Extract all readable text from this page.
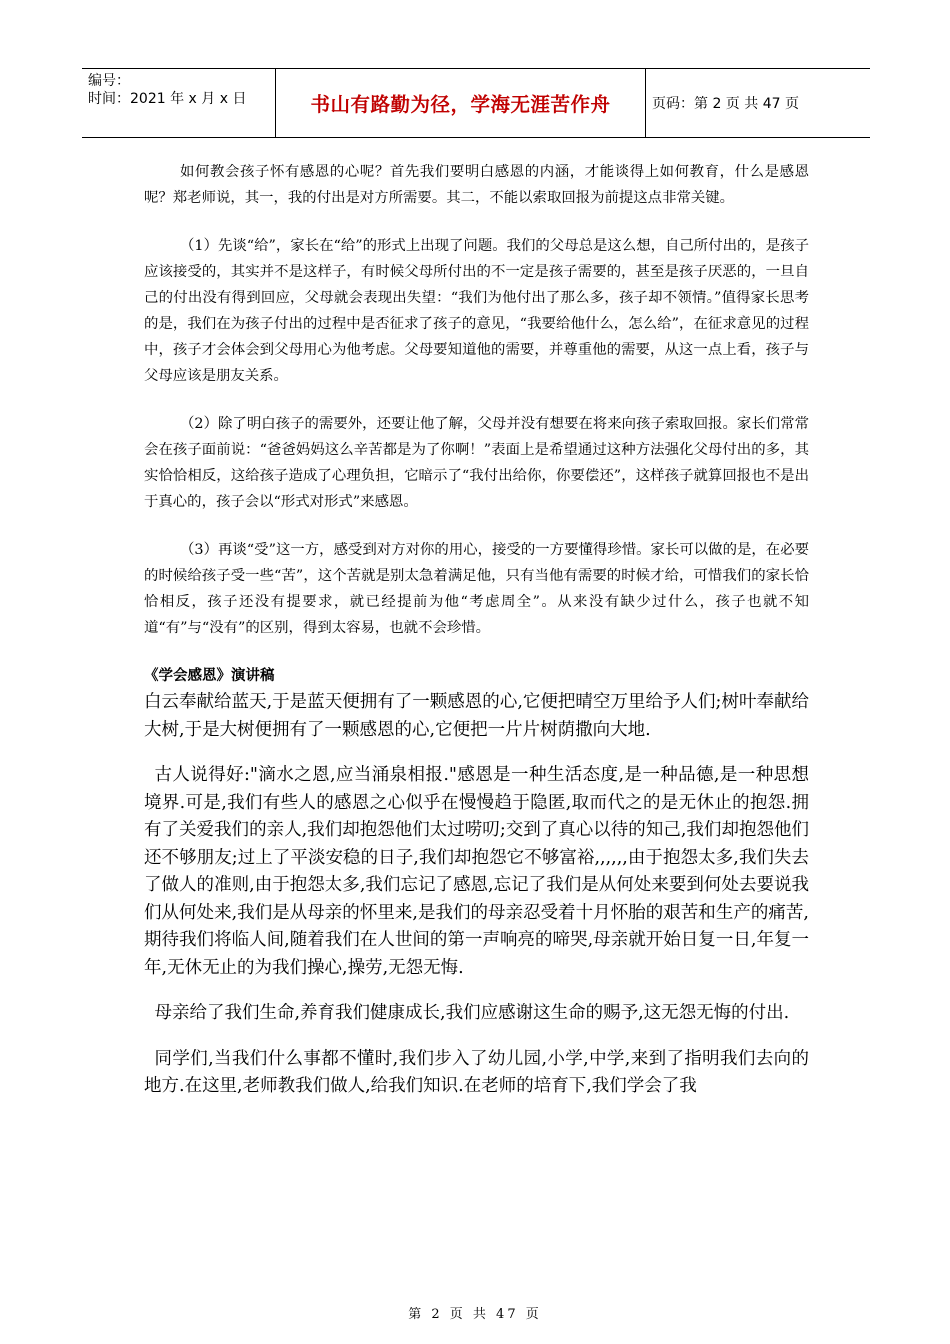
编号：
时间：2021 年 x 月 x 日	书山有路勤为径，学海无涯苦作舟	页码：第 2 页 共 47 页

如何教会孩子怀有感恩的心呢？首先我们要明白感恩的内涵，才能谈得上如何教育，什么是感恩呢？郑老师说，其一，我的付出是对方所需要。其二，不能以索取回报为前提这点非常关键。

（1）先谈“给”，家长在“给”的形式上出现了问题。我们的父母总是这么想，自己所付出的，是孩子应该接受的，其实并不是这样子，有时候父母所付出的不一定是孩子需要的，甚至是孩子厌恶的，一旦自己的付出没有得到回应，父母就会表现出失望：“我们为他付出了那么多，孩子却不领情。”值得家长思考的是，我们在为孩子付出的过程中是否征求了孩子的意见，“我要给他什么，怎么给”，在征求意见的过程中，孩子才会体会到父母用心为他考虑。父母要知道他的需要，并尊重他的需要，从这一点上看，孩子与父母应该是朋友关系。

（2）除了明白孩子的需要外，还要让他了解，父母并没有想要在将来向孩子索取回报。家长们常常会在孩子面前说：“爸爸妈妈这么辛苦都是为了你啊！”表面上是希望通过这种方法强化父母付出的多，其实恰恰相反，这给孩子造成了心理负担，它暗示了“我付出给你，你要偿还”，这样孩子就算回报也不是出于真心的，孩子会以“形式对形式”来感恩。

（3）再谈“受”这一方，感受到对方对你的用心，接受的一方要懂得珍惜。家长可以做的是，在必要的时候给孩子受一些“苦”，这个苦就是别太急着满足他，只有当他有需要的时候才给，可惜我们的家长恰恰相反，孩子还没有提要求，就已经提前为他“考虑周全”。从来没有缺少过什么，孩子也就不知道“有”与“没有”的区别，得到太容易，也就不会珍惜。

《学会感恩》演讲稿

白云奉献给蓝天,于是蓝天便拥有了一颗感恩的心,它便把晴空万里给予人们;树叶奉献给大树,于是大树便拥有了一颗感恩的心,它便把一片片树荫撒向大地.

古人说得好:"滴水之恩,应当涌泉相报."感恩是一种生活态度,是一种品德,是一种思想境界.可是,我们有些人的感恩之心似乎在慢慢趋于隐匿,取而代之的是无休止的抱怨.拥有了关爱我们的亲人,我们却抱怨他们太过唠叨;交到了真心以待的知己,我们却抱怨他们还不够朋友;过上了平淡安稳的日子,我们却抱怨它不够富裕,,,,,,由于抱怨太多,我们失去了做人的准则,由于抱怨太多,我们忘记了感恩,忘记了我们是从何处来要到何处去要说我们从何处来,我们是从母亲的怀里来,是我们的母亲忍受着十月怀胎的艰苦和生产的痛苦,期待我们将临人间,随着我们在人世间的第一声响亮的啼哭,母亲就开始日复一日,年复一年,无休无止的为我们操心,操劳,无怨无悔.

母亲给了我们生命,养育我们健康成长,我们应感谢这生命的赐予,这无怨无悔的付出.

同学们,当我们什么事都不懂时,我们步入了幼儿园,小学,中学,来到了指明我们去向的地方.在这里,老师教我们做人,给我们知识.在老师的培育下,我们学会了我

第 2 页 共 47 页
